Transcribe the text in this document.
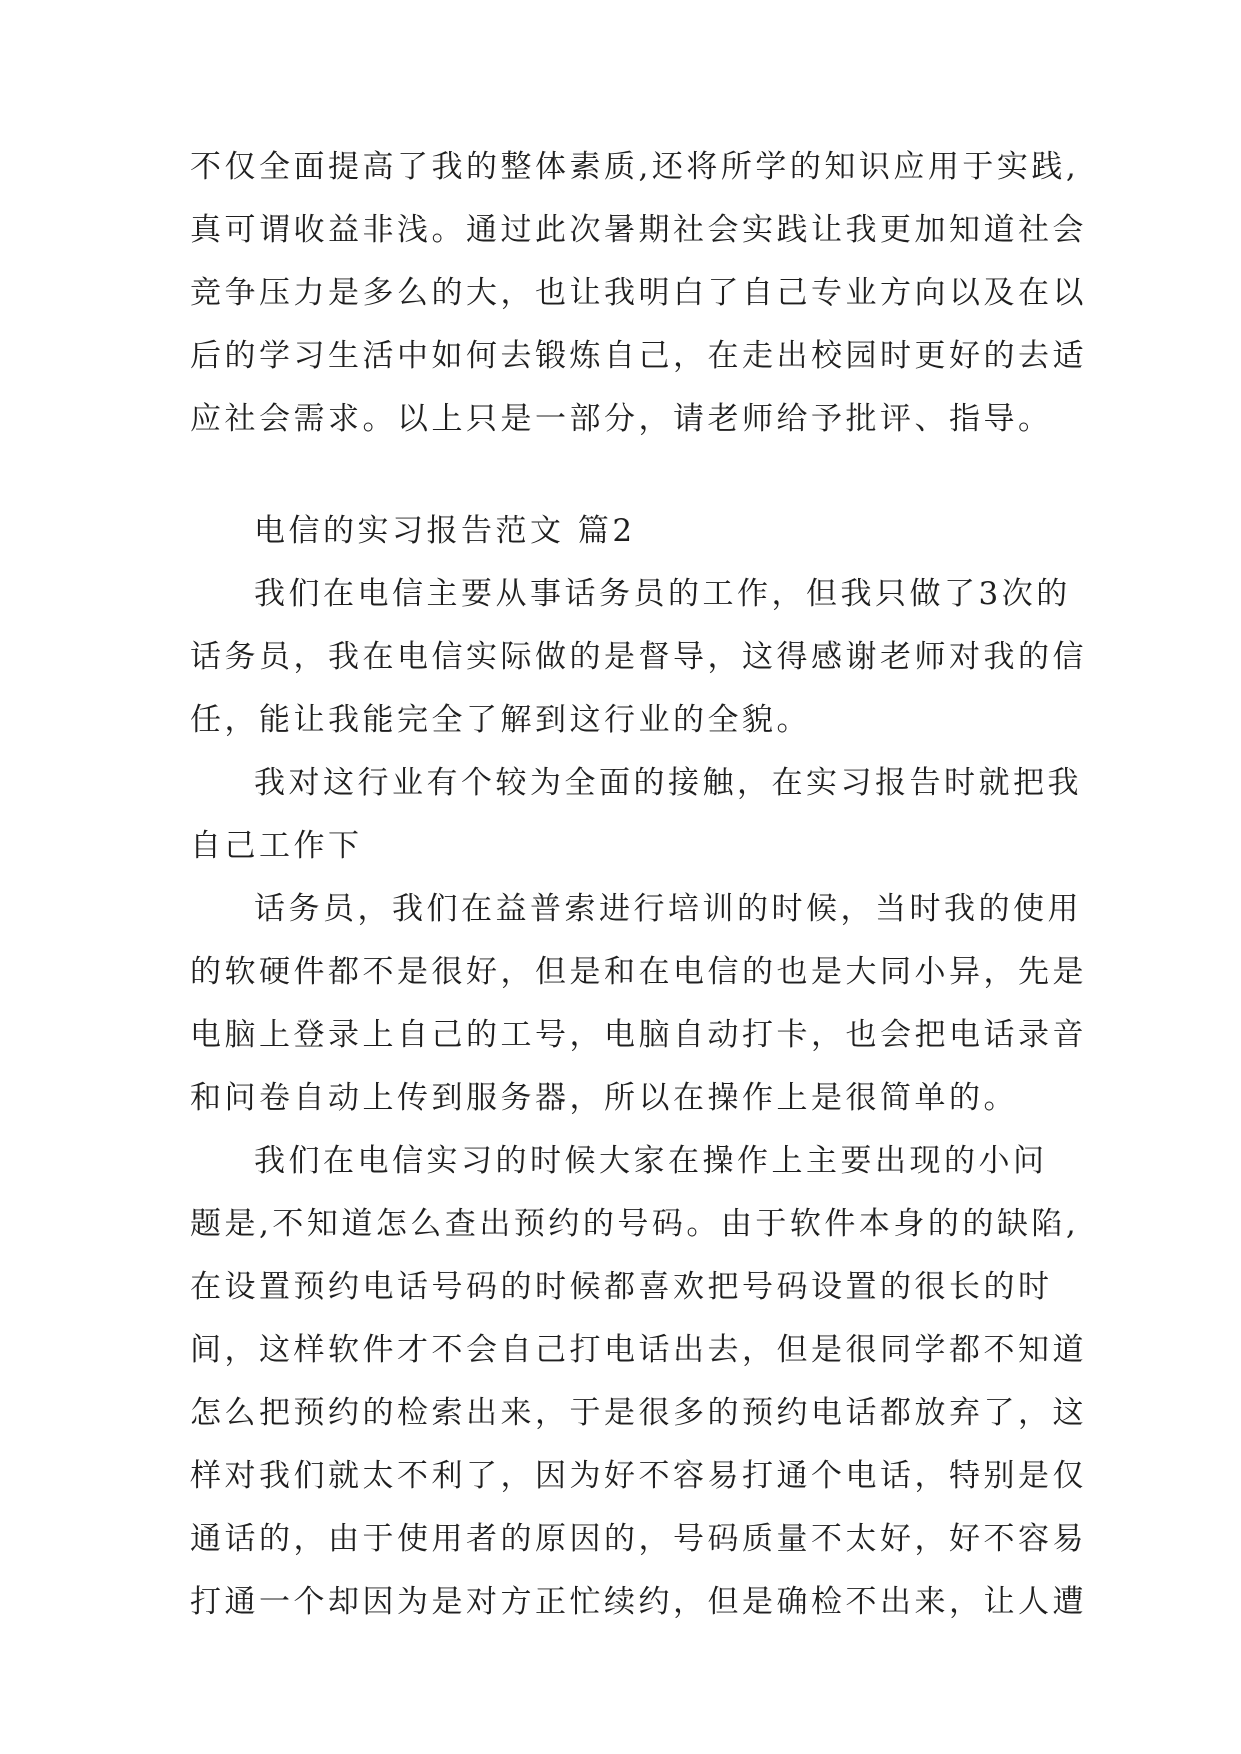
不仅全面提高了我的整体素质,还将所学的知识应用于实践,
真可谓收益非浅。通过此次暑期社会实践让我更加知道社会
竞争压力是多么的大，也让我明白了自己专业方向以及在以
后的学习生活中如何去锻炼自己，在走出校园时更好的去适
应社会需求。以上只是一部分，请老师给予批评、指导。
电信的实习报告范文 篇2
我们在电信主要从事话务员的工作，但我只做了3次的
话务员，我在电信实际做的是督导，这得感谢老师对我的信
任，能让我能完全了解到这行业的全貌。
我对这行业有个较为全面的接触，在实习报告时就把我
自己工作下
话务员，我们在益普索进行培训的时候，当时我的使用
的软硬件都不是很好，但是和在电信的也是大同小异，先是
电脑上登录上自己的工号，电脑自动打卡，也会把电话录音
和问卷自动上传到服务器，所以在操作上是很简单的。
我们在电信实习的时候大家在操作上主要出现的小问
题是,不知道怎么查出预约的号码。由于软件本身的的缺陷,
在设置预约电话号码的时候都喜欢把号码设置的很长的时
间，这样软件才不会自己打电话出去，但是很同学都不知道
怎么把预约的检索出来，于是很多的预约电话都放弃了，这
样对我们就太不利了，因为好不容易打通个电话，特别是仅
通话的，由于使用者的原因的，号码质量不太好，好不容易
打通一个却因为是对方正忙续约，但是确检不出来，让人遭
